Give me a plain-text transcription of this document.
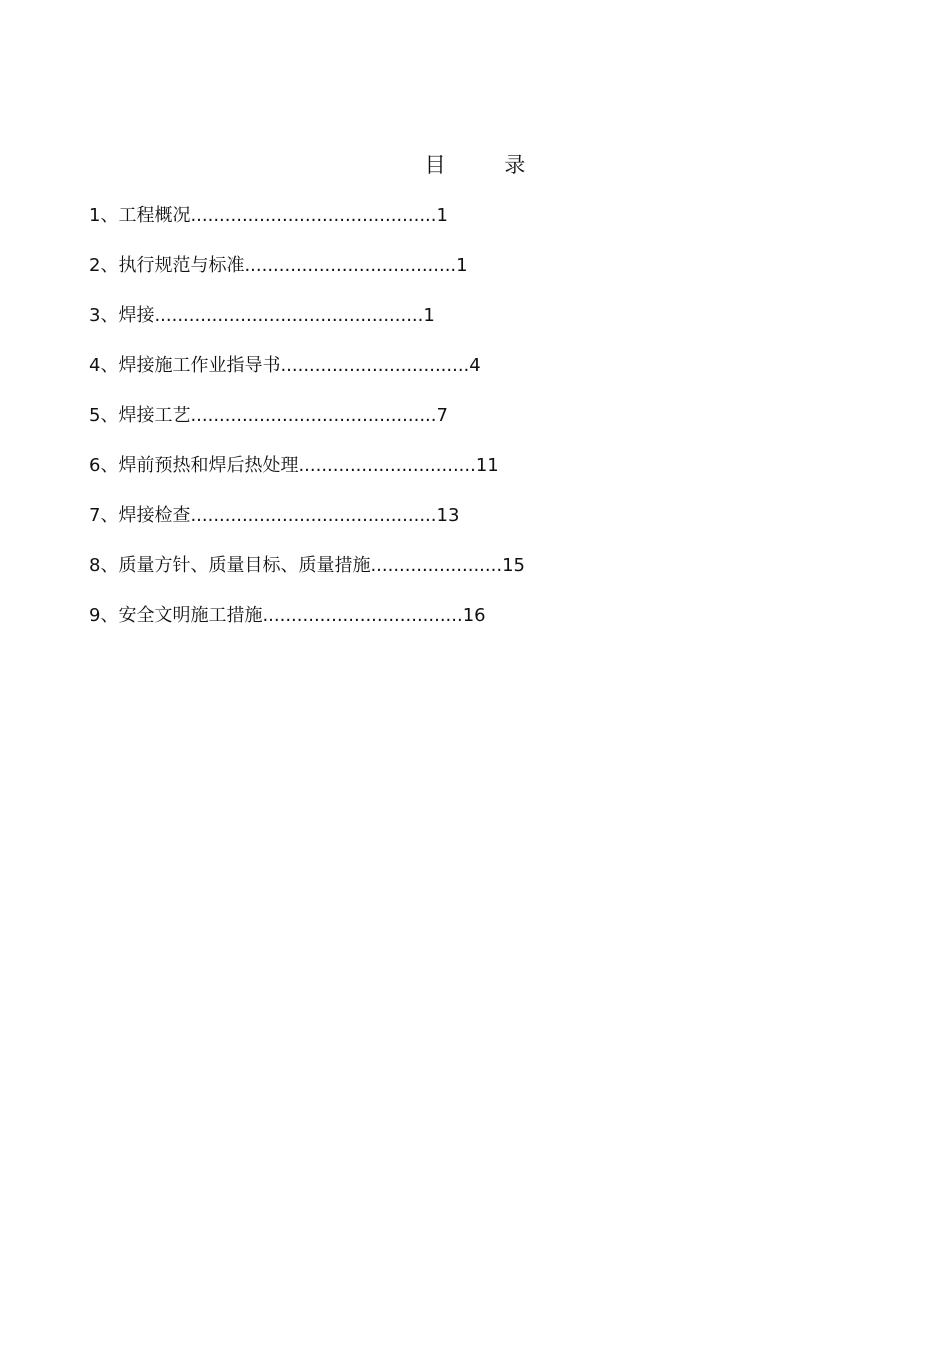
目 录
1、工程概况...........................................1
2、执行规范与标准.....................................1
3、焊接...............................................1
4、焊接施工作业指导书.................................4
5、焊接工艺...........................................7
6、焊前预热和焊后热处理...............................11
7、焊接检查...........................................13
8、质量方针、质量目标、质量措施.......................15
9、安全文明施工措施...................................16
